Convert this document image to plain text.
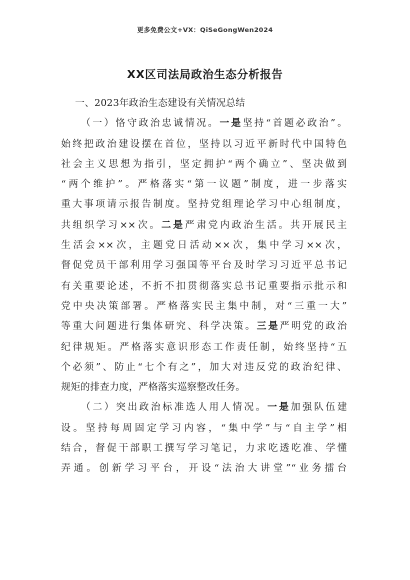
更多免费公文+VX：QiSeGongWen2024
XX区司法局政治生态分析报告
一、2023年政治生态建设有关情况总结
（一）恪守政治忠诚情况。一是坚持“首题必政治”。
始终把政治建设摆在首位，坚持以习近平新时代中国特色
社会主义思想为指引，坚定拥护“两个确立”、坚决做到
“两个维护”。严格落实“第一议题”制度，进一步落实
重大事项请示报告制度。坚持党组理论学习中心组制度，
共组织学习××次。二是严肃党内政治生活。共开展民主
生活会××次，主题党日活动××次，集中学习××次，
督促党员干部利用学习强国等平台及时学习习近平总书记
有关重要论述，不折不扣贯彻落实总书记重要指示批示和
党中央决策部署。严格落实民主集中制，对“三重一大”
等重大问题进行集体研究、科学决策。三是严明党的政治
纪律规矩。严格落实意识形态工作责任制，始终坚持“五
个必须”、防止“七个有之”，加大对违反党的政治纪律、
规矩的排查力度，严格落实巡察整改任务。
（二）突出政治标准选人用人情况。一是加强队伍建
设。坚持每周固定学习内容，“集中学”与“自主学”相
结合，督促干部职工撰写学习笔记，力求吃透吃准、学懂
弄通。创新学习平台，开设“法治大讲堂”“业务擂台
